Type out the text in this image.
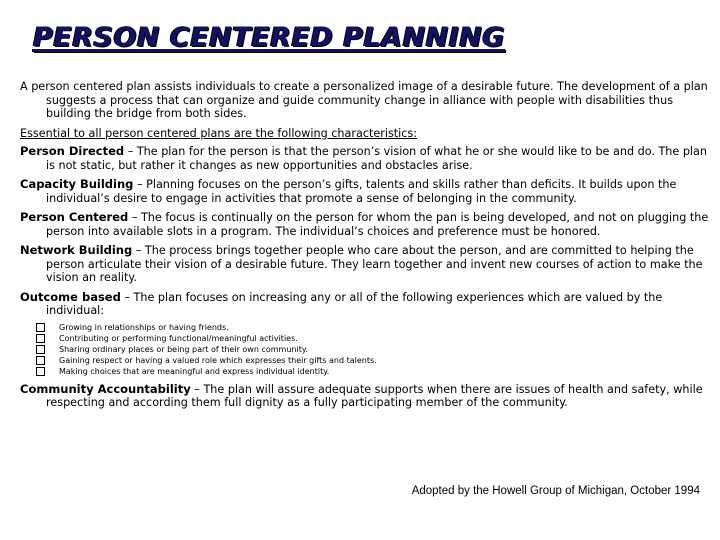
PERSON CENTERED PLANNING

A person centered plan assists individuals to create a personalized image of a desirable future. The development of a plan suggests a process that can organize and guide community change in alliance with people with disabilities thus building the bridge from both sides.

Essential to all person centered plans are the following characteristics:

Person Directed – The plan for the person is that the person’s vision of what he or she would like to be and do. The plan is not static, but rather it changes as new opportunities and obstacles arise.

Capacity Building – Planning focuses on the person’s gifts, talents and skills rather than deficits. It builds upon the individual’s desire to engage in activities that promote a sense of belonging in the community.

Person Centered – The focus is continually on the person for whom the pan is being developed, and not on plugging the person into available slots in a program. The individual’s choices and preference must be honored.

Network Building – The process brings together people who care about the person, and are committed to helping the person articulate their vision of a desirable future. They learn together and invent new courses of action to make the vision an reality.

Outcome based – The plan focuses on increasing any or all of the following experiences which are valued by the individual:

Growing in relationships or having friends.
Contributing or performing functional/meaningful activities.
Sharing ordinary places or being part of their own community.
Gaining respect or having a valued role which expresses their gifts and talents.
Making choices that are meaningful and express individual identity.

Community Accountability – The plan will assure adequate supports when there are issues of health and safety, while respecting and according them full dignity as a fully participating member of the community.

Adopted by the Howell Group of Michigan, October 1994
